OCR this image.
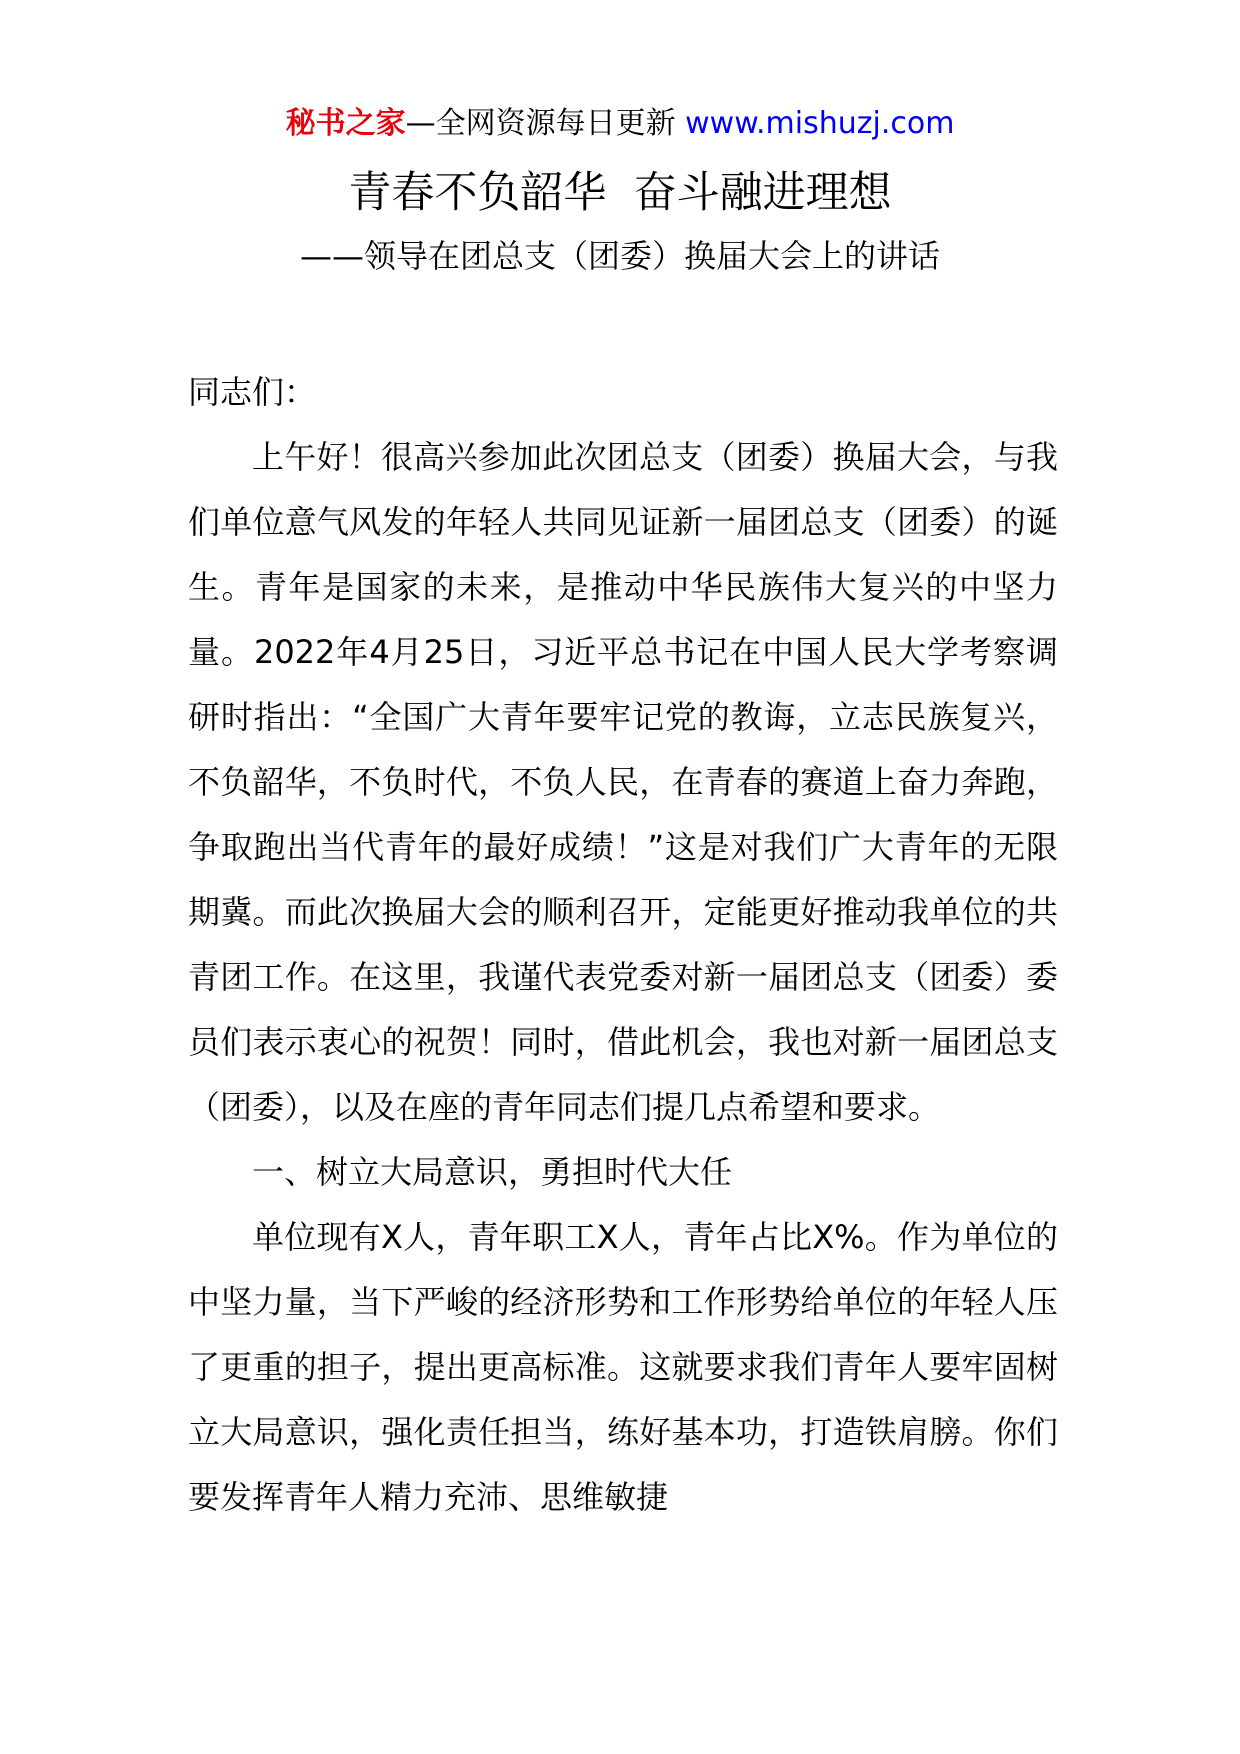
秘书之家—全网资源每日更新 www.mishuzj.com
青春不负韶华  奋斗融进理想
——领导在团总支（团委）换届大会上的讲话

同志们：

上午好！很高兴参加此次团总支（团委）换届大会，与我们单位意气风发的年轻人共同见证新一届团总支（团委）的诞生。青年是国家的未来，是推动中华民族伟大复兴的中坚力量。2022年4月25日，习近平总书记在中国人民大学考察调研时指出：“全国广大青年要牢记党的教诲，立志民族复兴，不负韶华，不负时代，不负人民，在青春的赛道上奋力奔跑，争取跑出当代青年的最好成绩！”这是对我们广大青年的无限期冀。而此次换届大会的顺利召开，定能更好推动我单位的共青团工作。在这里，我谨代表党委对新一届团总支（团委）委员们表示衷心的祝贺！同时，借此机会，我也对新一届团总支（团委），以及在座的青年同志们提几点希望和要求。

一、树立大局意识，勇担时代大任

单位现有X人，青年职工X人，青年占比X%。作为单位的中坚力量，当下严峻的经济形势和工作形势给单位的年轻人压了更重的担子，提出更高标准。这就要求我们青年人要牢固树立大局意识，强化责任担当，练好基本功，打造铁肩膀。你们要发挥青年人精力充沛、思维敏捷
